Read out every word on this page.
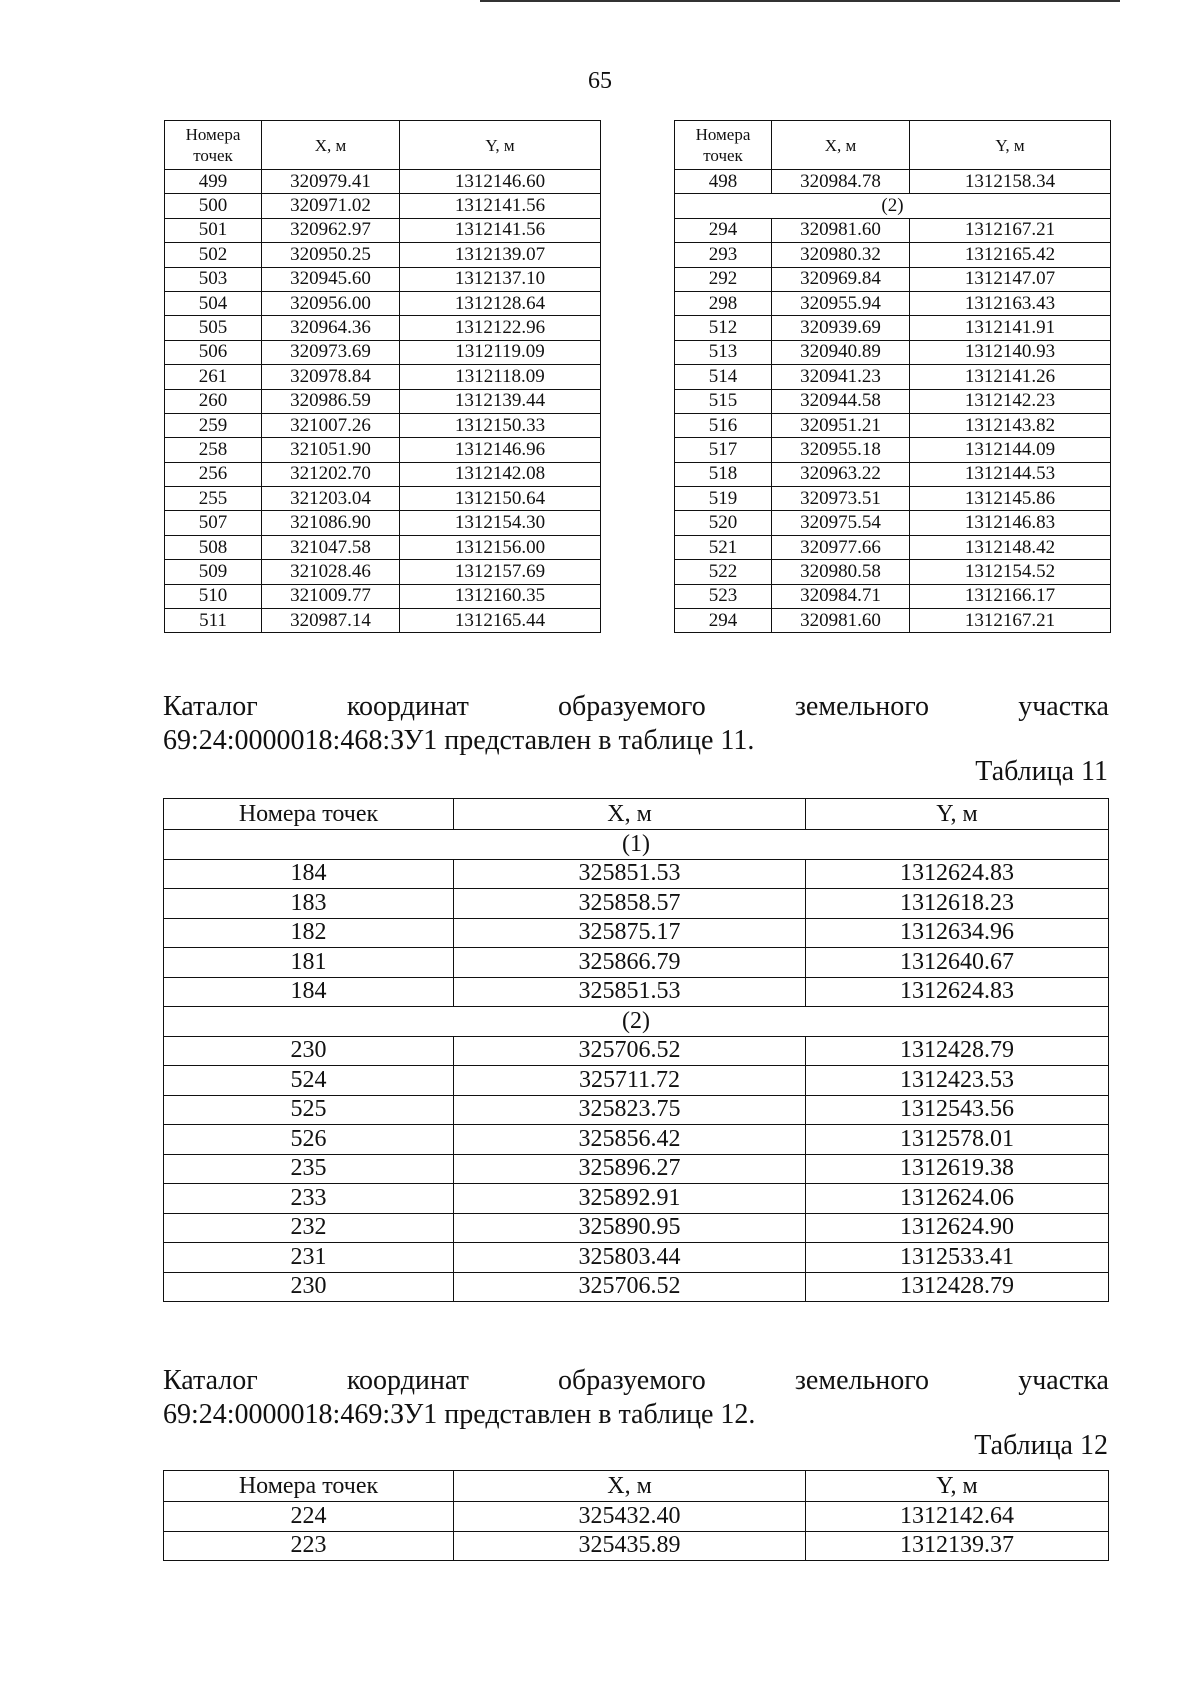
65
Номера точек	X, м	Y, м
499	320979.41	1312146.60
500	320971.02	1312141.56
501	320962.97	1312141.56
502	320950.25	1312139.07
503	320945.60	1312137.10
504	320956.00	1312128.64
505	320964.36	1312122.96
506	320973.69	1312119.09
261	320978.84	1312118.09
260	320986.59	1312139.44
259	321007.26	1312150.33
258	321051.90	1312146.96
256	321202.70	1312142.08
255	321203.04	1312150.64
507	321086.90	1312154.30
508	321047.58	1312156.00
509	321028.46	1312157.69
510	321009.77	1312160.35
511	320987.14	1312165.44
Номера точек	X, м	Y, м
498	320984.78	1312158.34
(2)		
294	320981.60	1312167.21
293	320980.32	1312165.42
292	320969.84	1312147.07
298	320955.94	1312163.43
512	320939.69	1312141.91
513	320940.89	1312140.93
514	320941.23	1312141.26
515	320944.58	1312142.23
516	320951.21	1312143.82
517	320955.18	1312144.09
518	320963.22	1312144.53
519	320973.51	1312145.86
520	320975.54	1312146.83
521	320977.66	1312148.42
522	320980.58	1312154.52
523	320984.71	1312166.17
294	320981.60	1312167.21
Каталог	координат	образуемого	земельного	участка
69:24:0000018:468:ЗУ1 представлен в таблице 11.
Таблица 11
Номера точек	X, м	Y, м
(1)		
184	325851.53	1312624.83
183	325858.57	1312618.23
182	325875.17	1312634.96
181	325866.79	1312640.67
184	325851.53	1312624.83
(2)		
230	325706.52	1312428.79
524	325711.72	1312423.53
525	325823.75	1312543.56
526	325856.42	1312578.01
235	325896.27	1312619.38
233	325892.91	1312624.06
232	325890.95	1312624.90
231	325803.44	1312533.41
230	325706.52	1312428.79
Каталог	координат	образуемого	земельного	участка
69:24:0000018:469:ЗУ1 представлен в таблице 12.
Таблица 12
Номера точек	X, м	Y, м
224	325432.40	1312142.64
223	325435.89	1312139.37
